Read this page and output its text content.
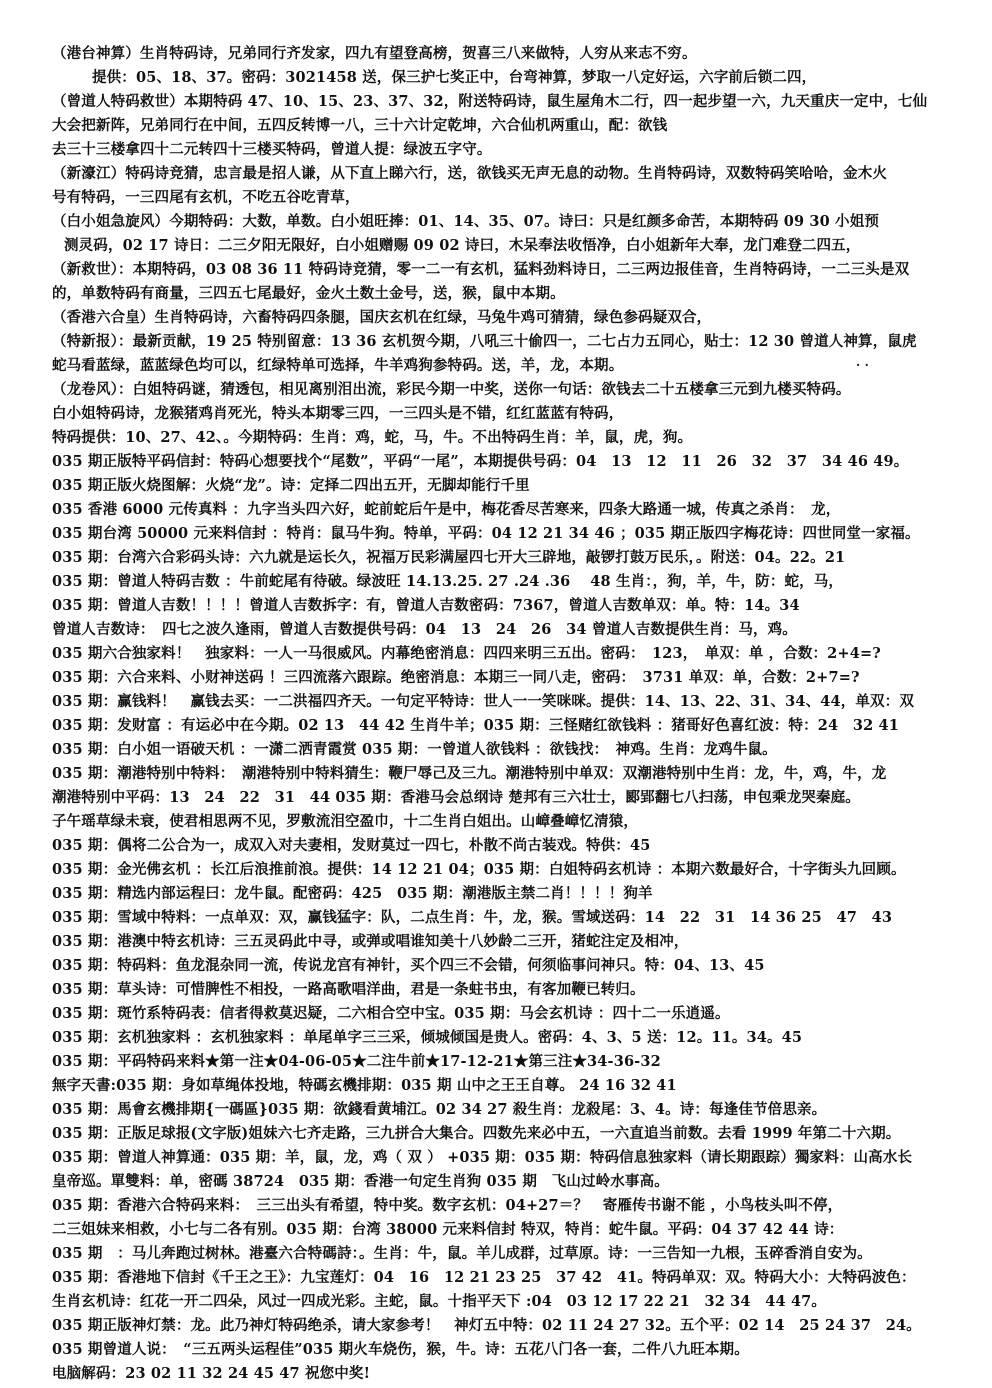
（港台神算）生肖特码诗，兄弟同行齐发家，四九有望登高榜，贺喜三八来做特，人穷从来志不穷。
提供：05、18、37。密码：3021458 送，保三护七奖正中，台弯神算，梦取一八定好运，六字前后锁二四，
（曾道人特码救世）本期特码 47、10、15、23、37、32，附送特码诗，鼠生屋角木二行，四一起步望一六，九天重庆一定中，七仙
大会把新阵，兄弟同行在中间，五四反转博一八，三十六计定乾坤，六合仙机两重山，配：欲钱
去三十三楼拿四十二元转四十三楼买特码，曾道人提：绿波五字守。
（新濠江）特码诗竞猜，忠言最是招人谦，从下直上睇六行，送，欲钱买无声无息的动物。生肖特码诗，双数特码笑哈哈，金木火
号有特码，一三四尾有玄机，不吃五谷吃青草，
（白小姐急旋风）今期特码：大数，单数。白小姐旺捧：01、14、35、07。诗曰：只是红颜多命苦，本期特码 09 30 小姐预
测灵码，02 17 诗日：二三夕阳无限好，白小姐赠赐 09 02 诗曰，木呆奉法收悟净，白小姐新年大奉，龙门难登二四五，
（新救世）：本期特码，03 08 36 11 特码诗竞猜，零一二一有玄机，猛料劲料诗日，二三两边报佳音，生肖特码诗，一二三头是双
的，单数特码有商量，三四五七尾最好，金火土数土金号，送，猴，鼠中本期。
（香港六合皇）生肖特码诗，六畜特码四条腿，国庆玄机在红绿，马兔牛鸡可猜猜，绿色参码疑双合，
（特新报）：最新贡献，19 25 特别留意：13 36 玄机贺今期，八吼三十偷四一，二七占力五同心，贴士：12 30 曾道人神算，鼠虎
蛇马看蓝绿，蓝蓝绿色均可以，红绿特单可选择，牛羊鸡狗参特码。送，羊，龙，本期。
（龙卷风）：白姐特码谜，猜透包，相见离别泪出流，彩民今期一中奖，送你一句话：欲钱去二十五楼拿三元到九楼买特码。
白小姐特码诗，龙猴猪鸡肖死光，特头本期零三四，一三四头是不错，红红蓝蓝有特码，
特码提供：10、27、42、。今期特码：生肖：鸡，蛇，马，牛。不出特码生肖：羊，鼠，虎，狗。
035 期正版特平码信封：特码心想要找个“尾数”，平码“一尾”，本期提供号码：04　13　12　11　26　32　37　34 46 49。
035 期正版火烧图解：火烧“龙”。诗：定择二四出五开，无脚却能行千里
035 香港 6000 元传真料 ：九字当头四六好，蛇前蛇后午是中，梅花香尽苦寒来，四条大路通一城，传真之杀肖：　龙，
035 期台湾 50000 元来料信封 ：特肖：鼠马牛狗。特单，平码：04 12 21 34 46 ；035 期正版四字梅花诗：四世同堂一家福。
035 期：台湾六合彩码头诗：六九就是运长久，祝福万民彩满屋四七开大三辟地，敲锣打鼓万民乐，。附送：04。22。21
035 期：曾道人特码吉数 ：牛前蛇尾有待破。绿波旺 14.13.25. 27 .24 .36　 48 生肖：，狗，羊，牛，防：蛇，马，
035 期：曾道人吉数！！！！曾道人吉数拆字：有，曾道人吉数密码：7367，曾道人吉数单双：单。特：14。34
曾道人吉数诗：　四七之波久逢雨，曾道人吉数提供号码：04　13　24　26　34 曾道人吉数提供生肖：马，鸡。
035 期六合独家料！　独家料：一人一马很威风。内幕绝密消息：四四来明三五出。密码：　123，　单双：单 ，合数：2+4=?
035 期：六合来料、小财神送码 ！三四流落六跟踪。绝密消息：本期三一同八走，密码：　3731 单双：单，合数：2+7=?
035 期：赢钱料！　赢钱去买：一二洪福四齐天。一句定平特诗：世人一一笑咪咪。提供：14、13、22、31、34、44，单双：双
035 期：发财富 ：有运必中在今期。02 13　44 42 生肖牛羊；035 期：三怪赌红欲钱料 ：猪哥好色喜红波：特：24　32 41
035 期：白小姐一语破天机 ：一潇二洒青霞赏 035 期：一曾道人欲钱料 ：欲钱找：　神鸡。生肖：龙鸡牛鼠。
035 期：潮港特别中特料：　潮港特别中特料猜生：鞭尸辱己及三九。潮港特别中单双：双潮港特别中生肖：龙，牛，鸡，牛，龙
潮港特别中平码：13　24　22　31　44 035 期：香港马会总纲诗 楚邦有三六壮士，郾郢翻七八扫荡，申包乘龙哭秦庭。
子午瑶草绿未衰，使君相思两不见，罗敷流泪空盈巾，十二生肖白姐出。山嶂叠嶂忆清猿，
035 期：偶将二公合为一，成双入对夫妻相，发财莫过一四七，朴散不尚古装戏。特供：45
035 期：金光佛玄机 ：长江后浪推前浪。提供：14 12 21 04；035 期：白姐特码玄机诗 ：本期六数最好合，十字街头九回顾。
035 期：精选内部运程曰：龙牛鼠。配密码：425　035 期：潮港版主禁二肖！！！！狗羊
035 期：雪域中特料：一点单双：双，赢钱猛字：队，二点生肖：牛，龙，猴。雪域送码：14　22　31　14 36 25　47　43
035 期：港澳中特玄机诗：三五灵码此中寻，或弹或唱谁知美十八妙龄二三开，猪蛇注定及相冲，
035 期：特码料：鱼龙混杂同一流，传说龙宫有神针，买个四三不会错，何须临事问神只。特：04、13、45
035 期：草头诗：可惜脾性不相投，一路高歌唱洋曲，君是一条蛀书虫，有客加鞭已转归。
035 期：斑竹系特码表：信者得救莫迟疑，二六相合空中宝。035 期：马会玄机诗 ：四十二一乐逍遥。
035 期：玄机独家料 ：玄机独家料 ：单尾单字三三采，倾城倾国是贵人。密码：4、3、5 送：12。11。34。45
035 期：平码特码来料★第一注★04-06-05★二注牛前★17-12-21★第三注★34-36-32
無字天書:035 期：身如草绳体投地，特碼玄機排期：035 期 山中之王王自尊。 24 16 32 41
035 期：馬會玄機排期{一碼區}035 期：欲錢看黄埔江。02 34 27 殺生肖：龙殺尾：3、4。诗：每逢佳节倍思亲。
035 期：正版足球报(文字版)姐妹六七齐走路，三九拼合大集合。四数先来必中五，一六直追当前数。去看 1999 年第二十六期。
035 期：曾道人神算通：035 期：羊，鼠，龙，鸡（ 双 ） +035 期：035 期：特码信息独家料（请长期跟踪）獨家料：山高水长
皇帝巡。單雙料：单，密碼 38724　035 期：香港一句定生肖狗 035 期　飞山过岭水事高。
035 期：香港六合特码来料：　三三出头有希望，特中奖。数字玄机：04+27＝？　寄雁传书谢不能 ，小鸟枝头叫不停，
二三姐妹来相救，小七与二各有别。035 期：台湾 38000 元来料信封 特双，特肖：蛇牛鼠。平码：04 37 42 44 诗：
035 期　：马儿奔跑过树林。港臺六合特碼詩：。生肖：牛，鼠。羊儿成群，过草原。诗：一三告知一九根，玉碎香消自安为。
035 期：香港地下信封《千王之王》：九宝莲灯：04　16　12 21 23 25　37 42　41。特码单双：双。特码大小：大特码波色：
生肖玄机诗：红花一开二四朵，风过一四成光彩。主蛇，鼠。十指平天下 :04　03 12 17 22 21　32 34　44 47。
035 期正版神灯禁：龙。此乃神灯特码绝杀，请大家参考！　神灯五中特：02 11 24 27 32。五个平：02 14　25 24 37　24。
035 期曾道人说：　“三五两头运程佳”035 期火车烧伤，猴，牛。诗：五花八门各一套，二件八九旺本期。
电脑解码：23 02 11 32 24 45 47 祝您中奖!
. .
